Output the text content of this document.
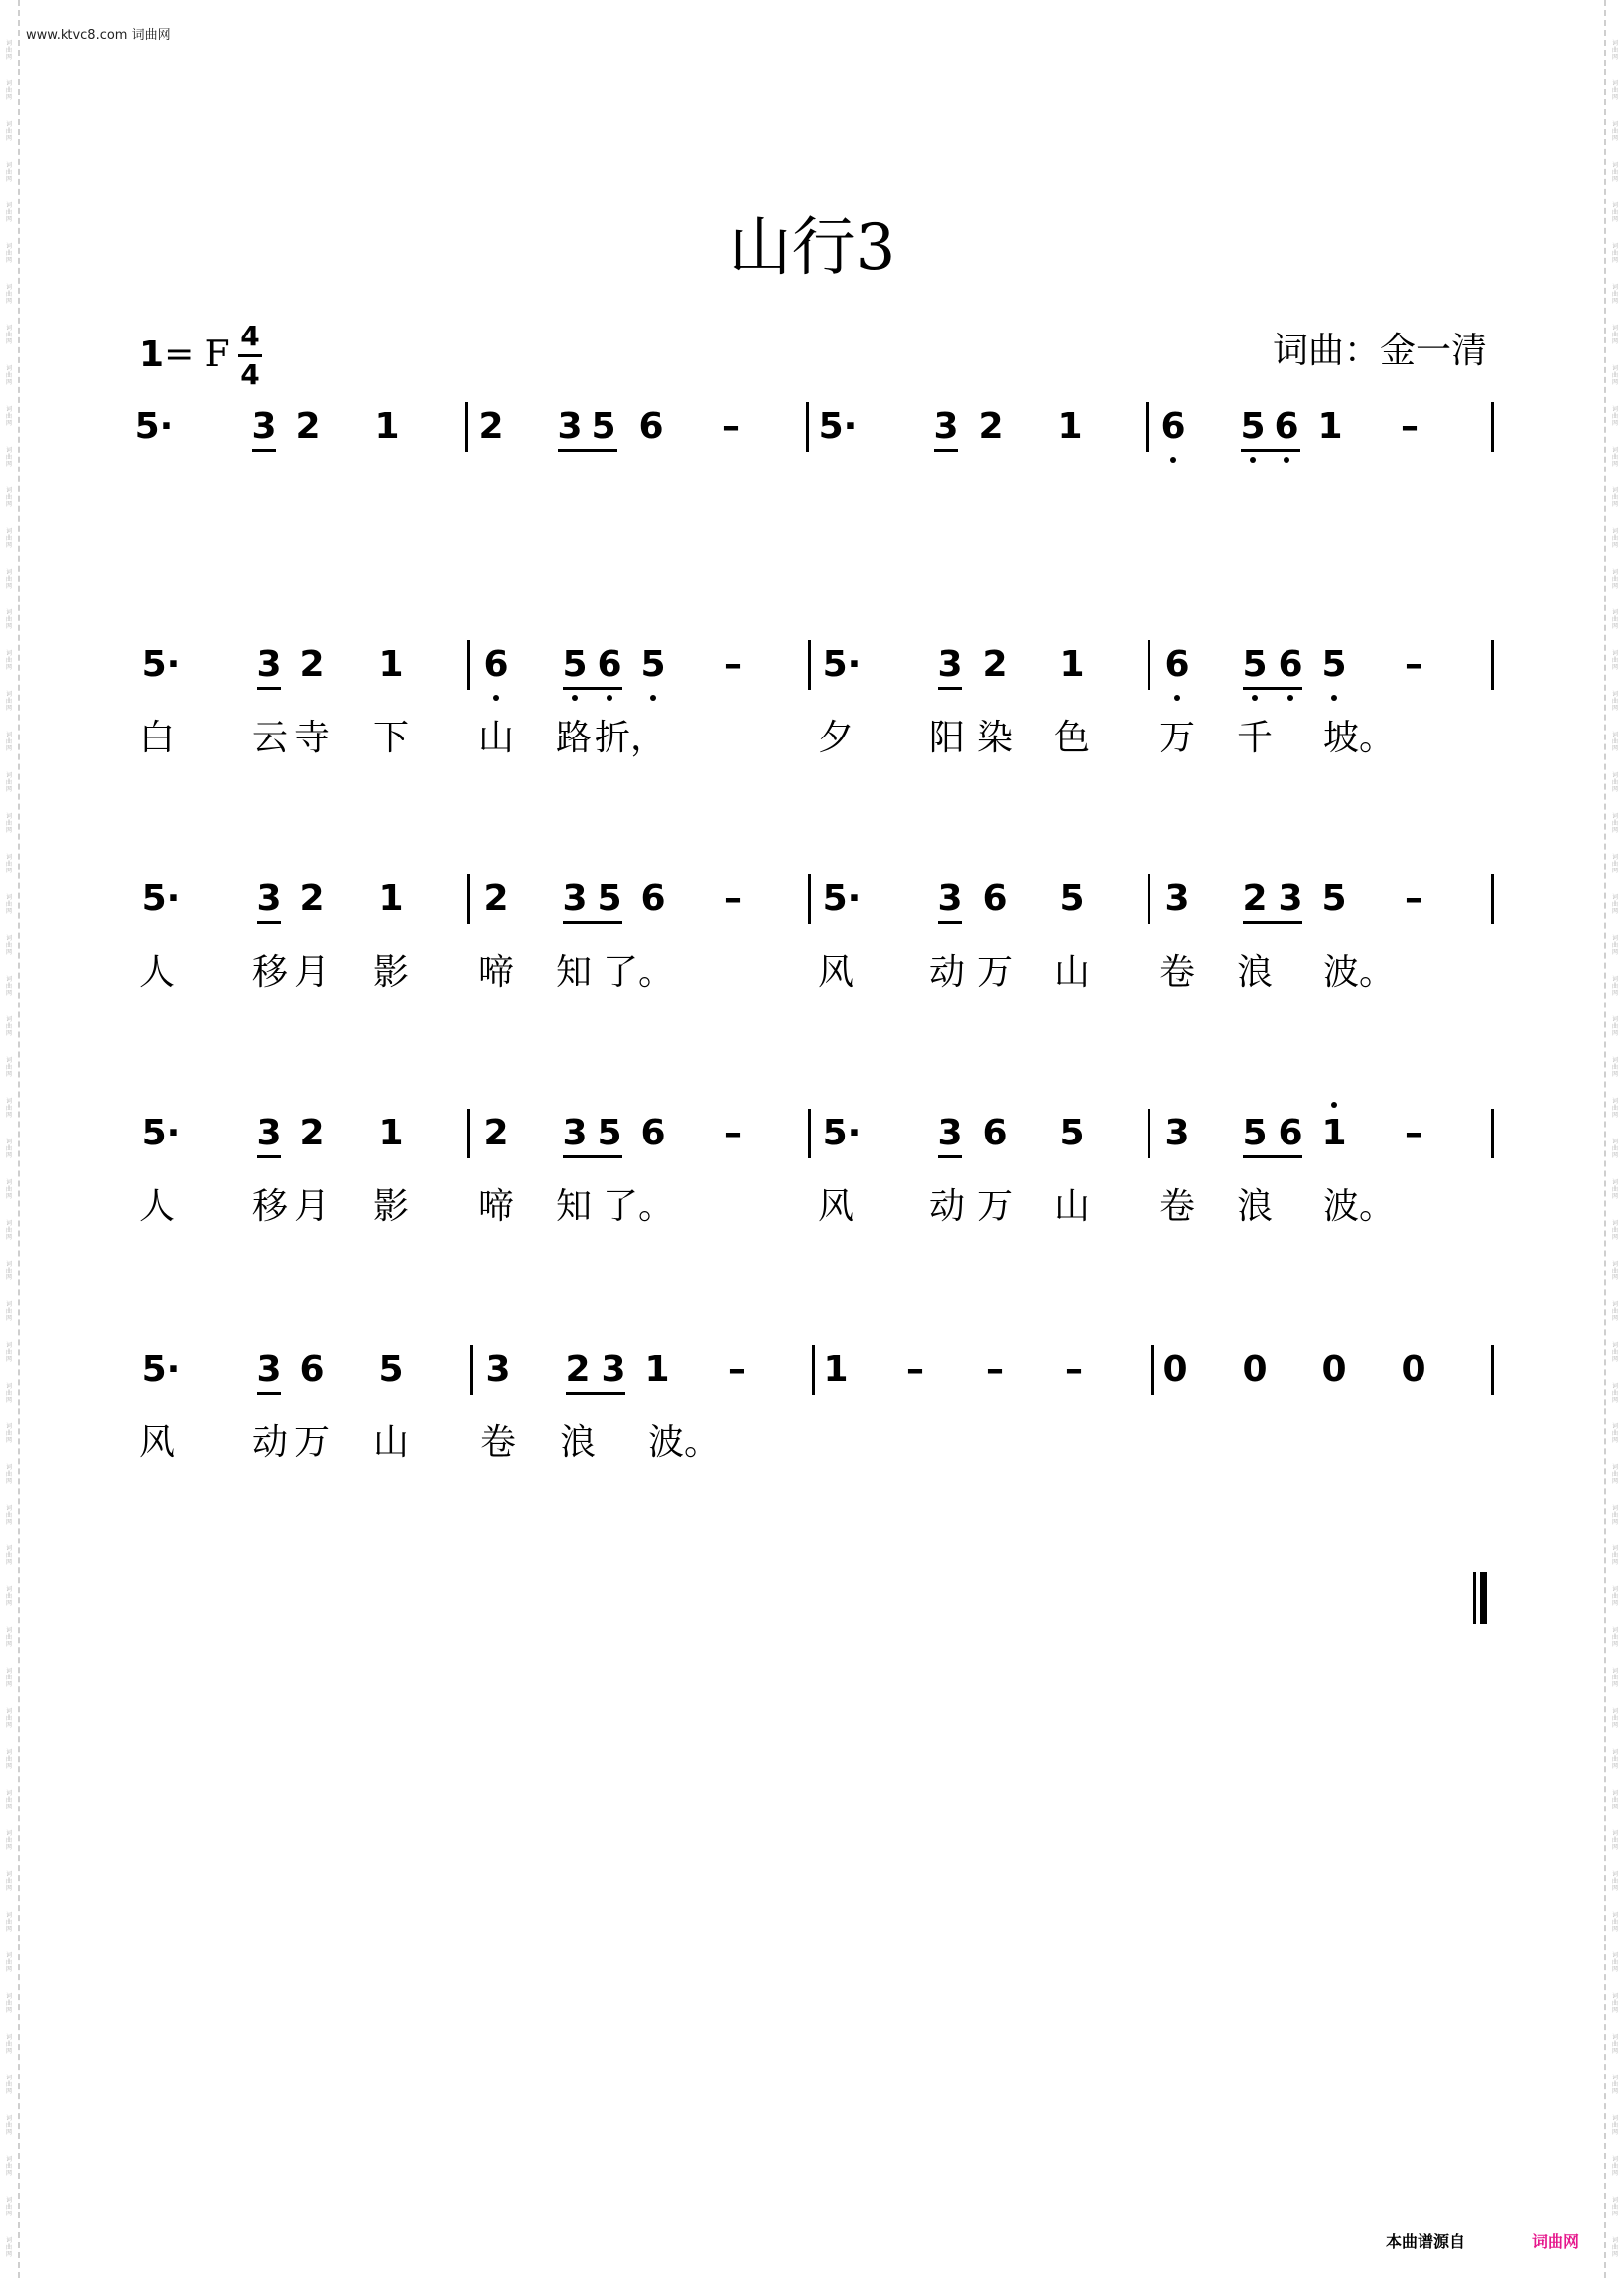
词
曲
网
词
曲
网
词
曲
网
词
曲
网
词
曲
网
词
曲
网
词
曲
网
词
曲
网
词
曲
网
词
曲
网
词
曲
网
词
曲
网
词
曲
网
词
曲
网
词
曲
网
词
曲
网
词
曲
网
词
曲
网
词
曲
网
词
曲
网
词
曲
网
词
曲
网
词
曲
网
词
曲
网
词
曲
网
词
曲
网
词
曲
网
词
曲
网
词
曲
网
词
曲
网
词
曲
网
词
曲
网
词
曲
网
词
曲
网
词
曲
网
词
曲
网
词
曲
网
词
曲
网
词
曲
网
词
曲
网
词
曲
网
词
曲
网
词
曲
网
词
曲
网
词
曲
网
词
曲
网
词
曲
网
词
曲
网
词
曲
网
词
曲
网
词
曲
网
词
曲
网
词
曲
网
词
曲
网
词
曲
网
词
曲
网
词
曲
网
词
曲
网
词
曲
网
词
曲
网
词
曲
网
词
曲
网
词
曲
网
词
曲
网
词
曲
网
词
曲
网
词
曲
网
词
曲
网
词
曲
网
词
曲
网
词
曲
网
词
曲
网
词
曲
网
词
曲
网
词
曲
网
词
曲
网
词
曲
网
词
曲
网
词
曲
网
词
曲
网
词
曲
网
词
曲
网
词
曲
网
词
曲
网
词
曲
网
词
曲
网
词
曲
网
词
曲
网
词
曲
网
词
曲
网
词
曲
网
词
曲
网
词
曲
网
词
曲
网
词
曲
网
词
曲
网
词
曲
网
词
曲
网
词
曲
网
词
曲
网
词
曲
网
词
曲
网
词
曲
网
词
曲
网
词
曲
网
词
曲
网
词
曲
网
词
曲
网
词
曲
网
词
曲
网
www.ktvc8.com 词曲网
山行3
1= F 4
4
词曲：金一清
5· 3 2 1 2 3 5 6	–	5· 3 2 1 6 5 6 1	–
5· 3 2 1 6 5 6 5	–	5· 3 2 1 6 5 6 5	–
白 云 寺 下 山 路 折，	夕 阳 染 色 万 千 坡。
5· 3 2 1 2 3 5 6	–	5· 3 6 5 3 2 3 5	–
人 移 月 影 啼 知 了。	风 动 万 山 卷 浪 波。
5· 3 2 1 2 3 5 6	–	5· 3 6 5 3 5 6 1	–
人 移 月 影 啼 知 了。	风 动 万 山 卷 浪 波。
5· 3 6 5 3 2 3 1	–	1	–	–	–	0 0 0 0
风 动 万 山 卷 浪 波。
本曲谱源自	词曲网
